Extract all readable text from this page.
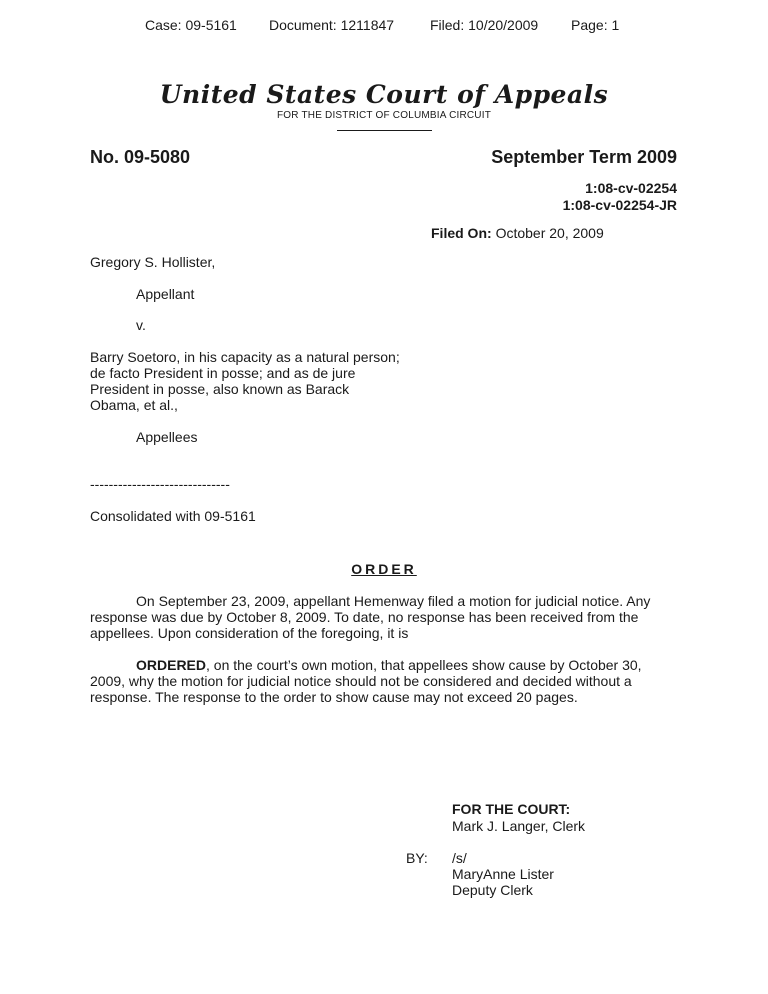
Case: 09-5161 Document: 1211847	Filed: 10/20/2009 Page: 1
United States Court of Appeals
FOR THE DISTRICT OF COLUMBIA CIRCUIT
No. 09-5080	September Term 2009
1:08-cv-02254
1:08-cv-02254-JR
Filed On: October 20, 2009
Gregory S. Hollister,
Appellant
v.
Barry Soetoro, in his capacity as a natural person; de facto President in posse; and as de jure President in posse, also known as Barack Obama, et al.,
Appellees
------------------------------
Consolidated with 09-5161
ORDER
On September 23, 2009, appellant Hemenway filed a motion for judicial notice. Any response was due by October 8, 2009. To date, no response has been received from the appellees. Upon consideration of the foregoing, it is
ORDERED, on the court’s own motion, that appellees show cause by October 30, 2009, why the motion for judicial notice should not be considered and decided without a response. The response to the order to show cause may not exceed 20 pages.
FOR THE COURT:
Mark J. Langer, Clerk
BY: /s/
MaryAnne Lister
Deputy Clerk
